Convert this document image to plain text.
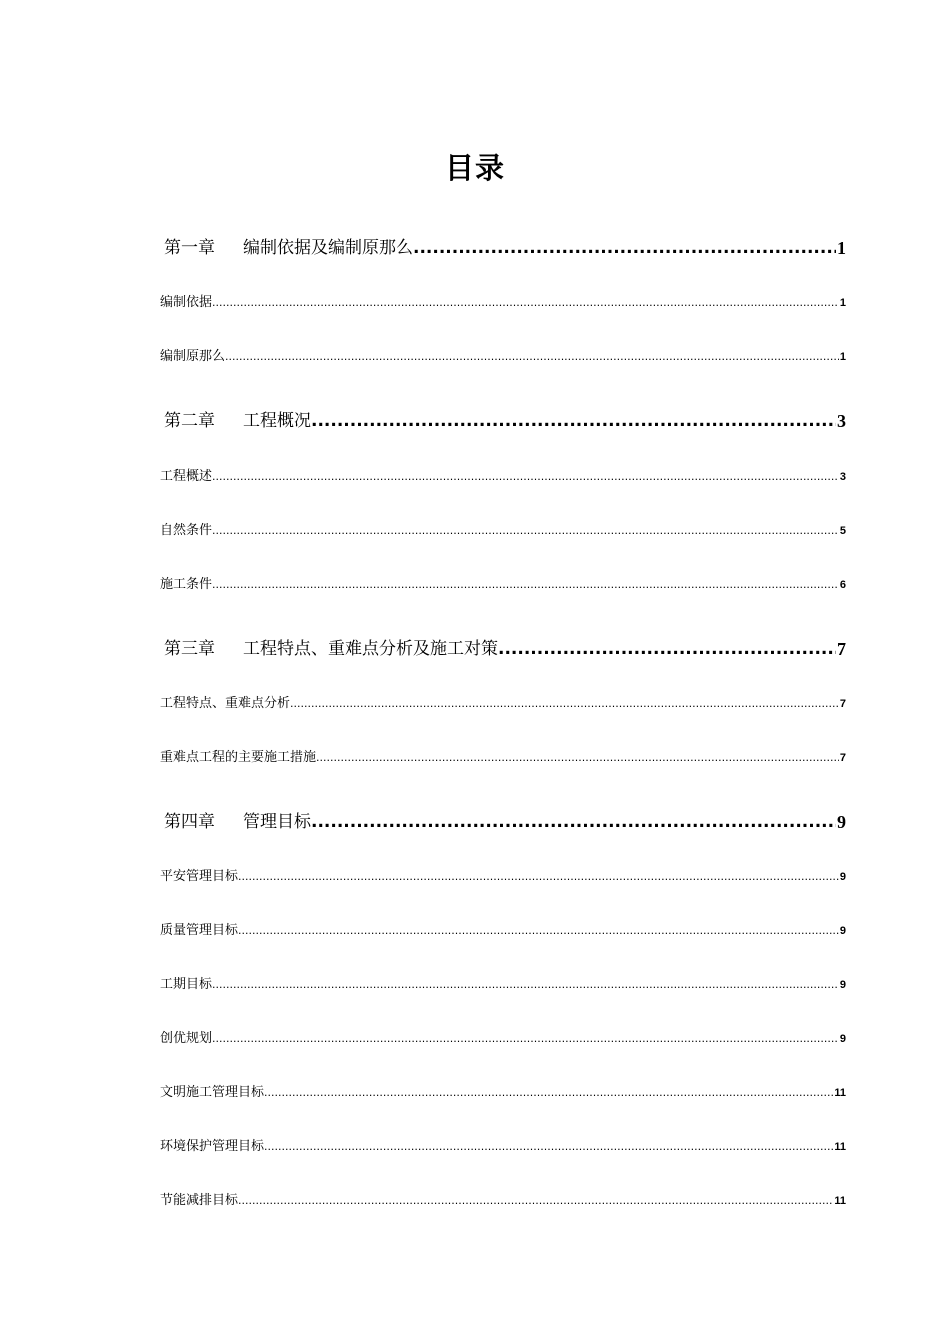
目录
第一章 编制依据及编制原那么 .....	1
编制依据 .....	1
编制原那么 .....	1
第二章 工程概况 .....	3
工程概述 .....	3
自然条件 .....	5
施工条件 .....	6
第三章 工程特点、重难点分析及施工对策 .....	7
工程特点、重难点分析 .....	7
重难点工程的主要施工措施 .....	7
第四章 管理目标 .....	9
平安管理目标 .....	9
质量管理目标 .....	9
工期目标 .....	9
创优规划 .....	9
文明施工管理目标 .....	11
环境保护管理目标 .....	11
节能减排目标 .....	11
